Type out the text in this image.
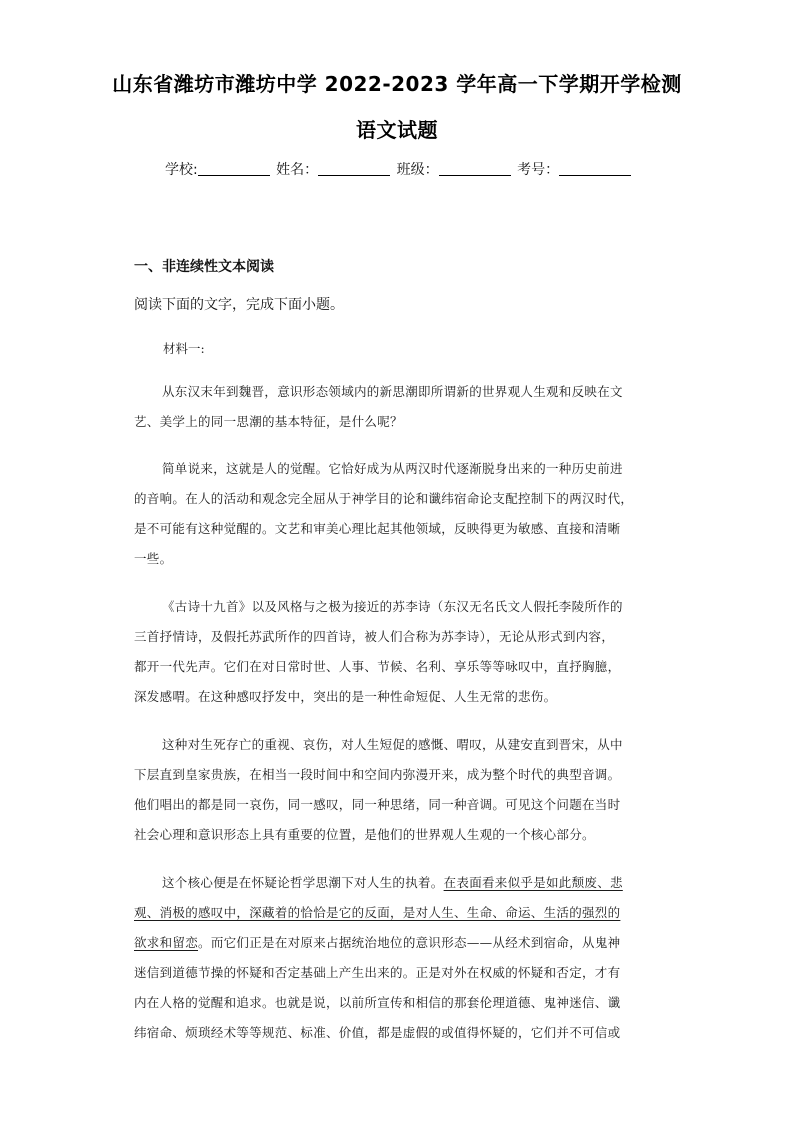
山东省潍坊市潍坊中学 2022-2023 学年高一下学期开学检测
语文试题
学校:	姓名：	班级：	考号：
一、非连续性文本阅读
阅读下面的文字，完成下面小题。
材料一:
从东汉末年到魏晋，意识形态领域内的新思潮即所谓新的世界观人生观和反映在文
艺、美学上的同一思潮的基本特征，是什么呢？
简单说来，这就是人的觉醒。它恰好成为从两汉时代逐渐脱身出来的一种历史前进
的音响。在人的活动和观念完全屈从于神学目的论和谶纬宿命论支配控制下的两汉时代，
是不可能有这种觉醒的。文艺和审美心理比起其他领域，反映得更为敏感、直接和清晰
一些。
《古诗十九首》以及风格与之极为接近的苏李诗（东汉无名氏文人假托李陵所作的
三首抒情诗，及假托苏武所作的四首诗，被人们合称为苏李诗），无论从形式到内容，
都开一代先声。它们在对日常时世、人事、节候、名利、享乐等等咏叹中，直抒胸臆，
深发感喟。在这种感叹抒发中，突出的是一种性命短促、人生无常的悲伤。
这种对生死存亡的重视、哀伤，对人生短促的感慨、喟叹，从建安直到晋宋，从中
下层直到皇家贵族，在相当一段时间中和空间内弥漫开来，成为整个时代的典型音调。
他们唱出的都是同一哀伤，同一感叹，同一种思绪，同一种音调。可见这个问题在当时
社会心理和意识形态上具有重要的位置，是他们的世界观人生观的一个核心部分。
这个核心便是在怀疑论哲学思潮下对人生的执着。在表面看来似乎是如此颓废、悲
观、消极的感叹中，深藏着的恰恰是它的反面，是对人生、生命、命运、生活的强烈的
欲求和留恋。而它们正是在对原来占据统治地位的意识形态——从经术到宿命，从鬼神
迷信到道德节操的怀疑和否定基础上产生出来的。正是对外在权威的怀疑和否定，才有
内在人格的觉醒和追求。也就是说，以前所宣传和相信的那套伦理道德、鬼神迷信、谶
纬宿命、烦琐经术等等规范、标准、价值，都是虚假的或值得怀疑的，它们并不可信或
